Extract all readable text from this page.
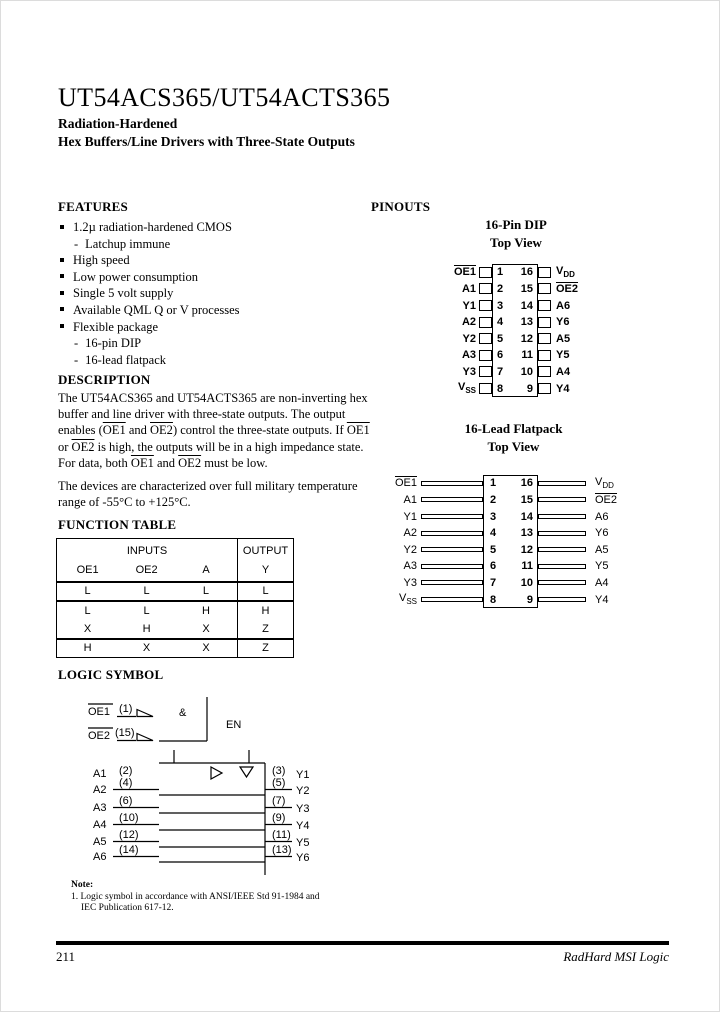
UT54ACS365/UT54ACTS365
Radiation-Hardened
Hex Buffers/Line Drivers with Three-State Outputs
FEATURES
1.2µ radiation-hardened CMOS
- Latchup immune
High speed
Low power consumption
Single 5 volt supply
Available QML Q or V processes
Flexible package
- 16-pin DIP
- 16-lead flatpack
DESCRIPTION
The UT54ACS365 and UT54ACTS365 are non-inverting hex buffer and line driver with three-state outputs. The output enables (OE1 and OE2) control the three-state outputs. If OE1 or OE2 is high, the outputs will be in a high impedance state. For data, both OE1 and OE2 must be low.
The devices are characterized over full military temperature range of -55°C to +125°C.
FUNCTION TABLE
INPUTS			OUTPUT
OE1	OE2	A	Y
L	L	L	L
L	L	H	H
X	H	X	Z
H	X	X	Z
PINOUTS
16-Pin DIP
Top View
OE1	1	16	$V_{DD}$
A1	2	15	OE2
Y1	3	14	A6
A2	4	13	Y6
Y2	5	12	A5
A3	6	11	Y5
Y3	7	10	A4
$V_{SS}$	8	9	Y4
16-Lead Flatpack
Top View
OE1	1	16	$V_{DD}$
A1	2	15	OE2
Y1	3	14	A6
A2	4	13	Y6
Y2	5	12	A5
A3	6	11	Y5
Y3	7	10	A4
$V_{SS}$	8	9	Y4
LOGIC SYMBOL
OE1
OE2
(1)
(15)
&
EN
A1 (2)	(3) Y1
A2
(4)	(5)
Y2
A3
(6)	(7)
Y3
A4
(10)	(9)
Y4
A5
(12)	(11)
Y5
A6
(14)	(13)
Y6
Note:
1. Logic symbol in accordance with ANSI/IEEE Std 91-1984 and
IEC Publication 617-12.
211	RadHard MSI Logic
